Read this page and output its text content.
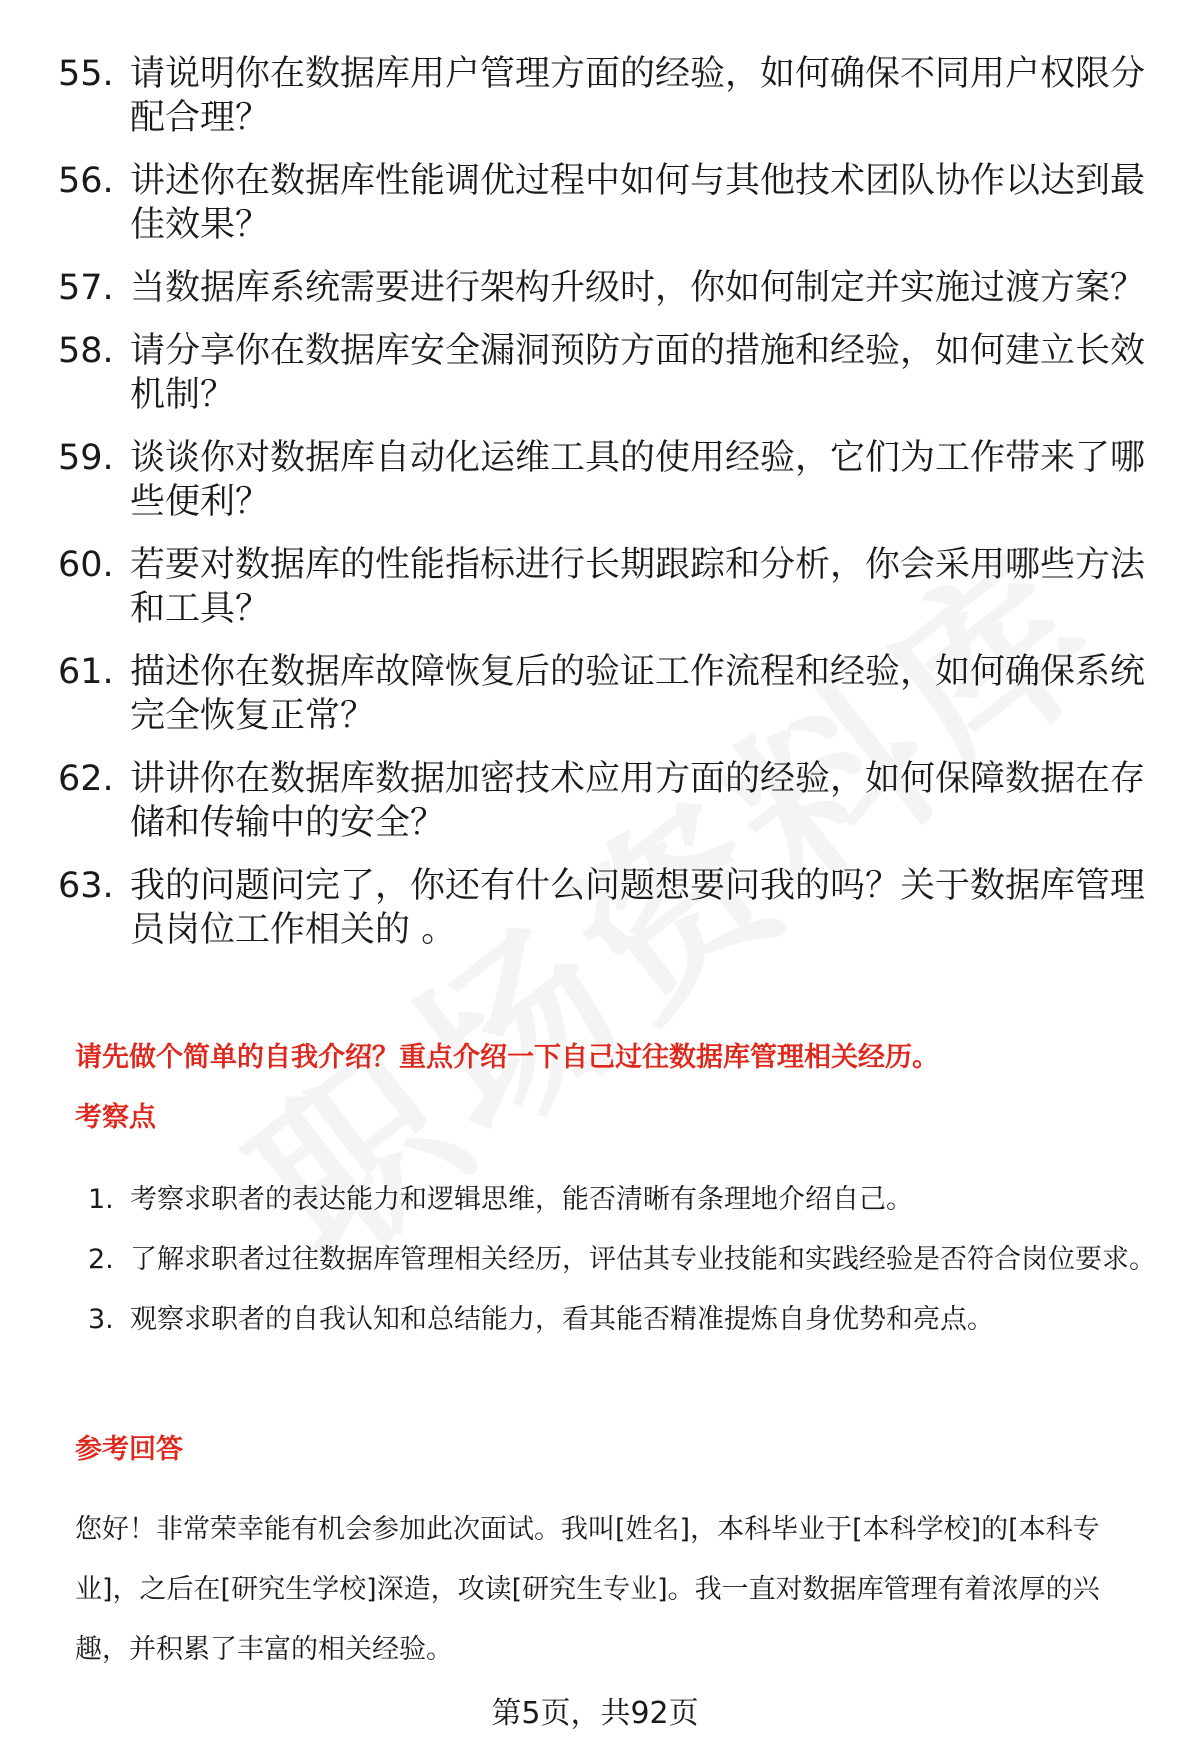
55. 请说明你在数据库用户管理方面的经验，如何确保不同用户权限分配合理？
56. 讲述你在数据库性能调优过程中如何与其他技术团队协作以达到最佳效果？
57. 当数据库系统需要进行架构升级时，你如何制定并实施过渡方案？
58. 请分享你在数据库安全漏洞预防方面的措施和经验，如何建立长效机制？
59. 谈谈你对数据库自动化运维工具的使用经验，它们为工作带来了哪些便利？
60. 若要对数据库的性能指标进行长期跟踪和分析，你会采用哪些方法和工具？
61. 描述你在数据库故障恢复后的验证工作流程和经验，如何确保系统完全恢复正常？
62. 讲讲你在数据库数据加密技术应用方面的经验，如何保障数据在存储和传输中的安全？
63. 我的问题问完了，你还有什么问题想要问我的吗？关于数据库管理员岗位工作相关的 。
请先做个简单的自我介绍？重点介绍一下自己过往数据库管理相关经历。
考察点
1. 考察求职者的表达能力和逻辑思维，能否清晰有条理地介绍自己。
2. 了解求职者过往数据库管理相关经历，评估其专业技能和实践经验是否符合岗位要求。
3. 观察求职者的自我认知和总结能力，看其能否精准提炼自身优势和亮点。
参考回答
您好！非常荣幸能有机会参加此次面试。我叫[姓名]，本科毕业于[本科学校]的[本科专业]，之后在[研究生学校]深造，攻读[研究生专业]。我一直对数据库管理有着浓厚的兴趣，并积累了丰富的相关经验。
第5页，共92页
